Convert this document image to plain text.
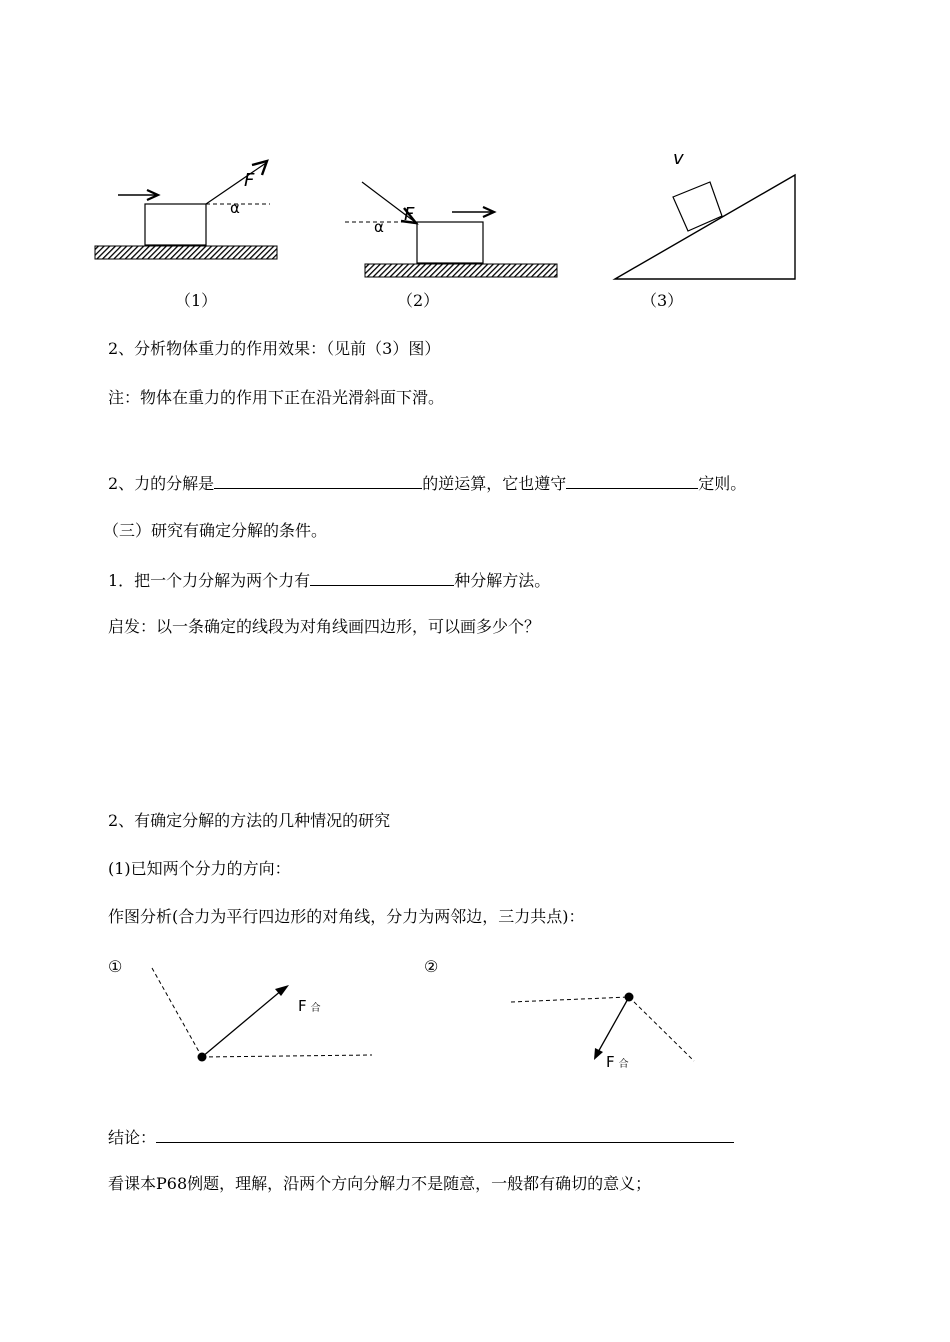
F
α	F
α
v
（1）	（2）	（3）
2、分析物体重力的作用效果：（见前（3）图）
注：物体在重力的作用下正在沿光滑斜面下滑。
2、力的分解是	的逆运算，它也遵守	定则。
（三）研究有确定分解的条件。
1．把一个力分解为两个力有	种分解方法。
启发：以一条确定的线段为对角线画四边形，可以画多少个？
2、有确定分解的方法的几种情况的研究
(1)已知两个分力的方向：
作图分析(合力为平行四边形的对角线，分力为两邻边，三力共点)：
①	②
F合
F合
结论：
看课本P68例题，理解，沿两个方向分解力不是随意，一般都有确切的意义；
